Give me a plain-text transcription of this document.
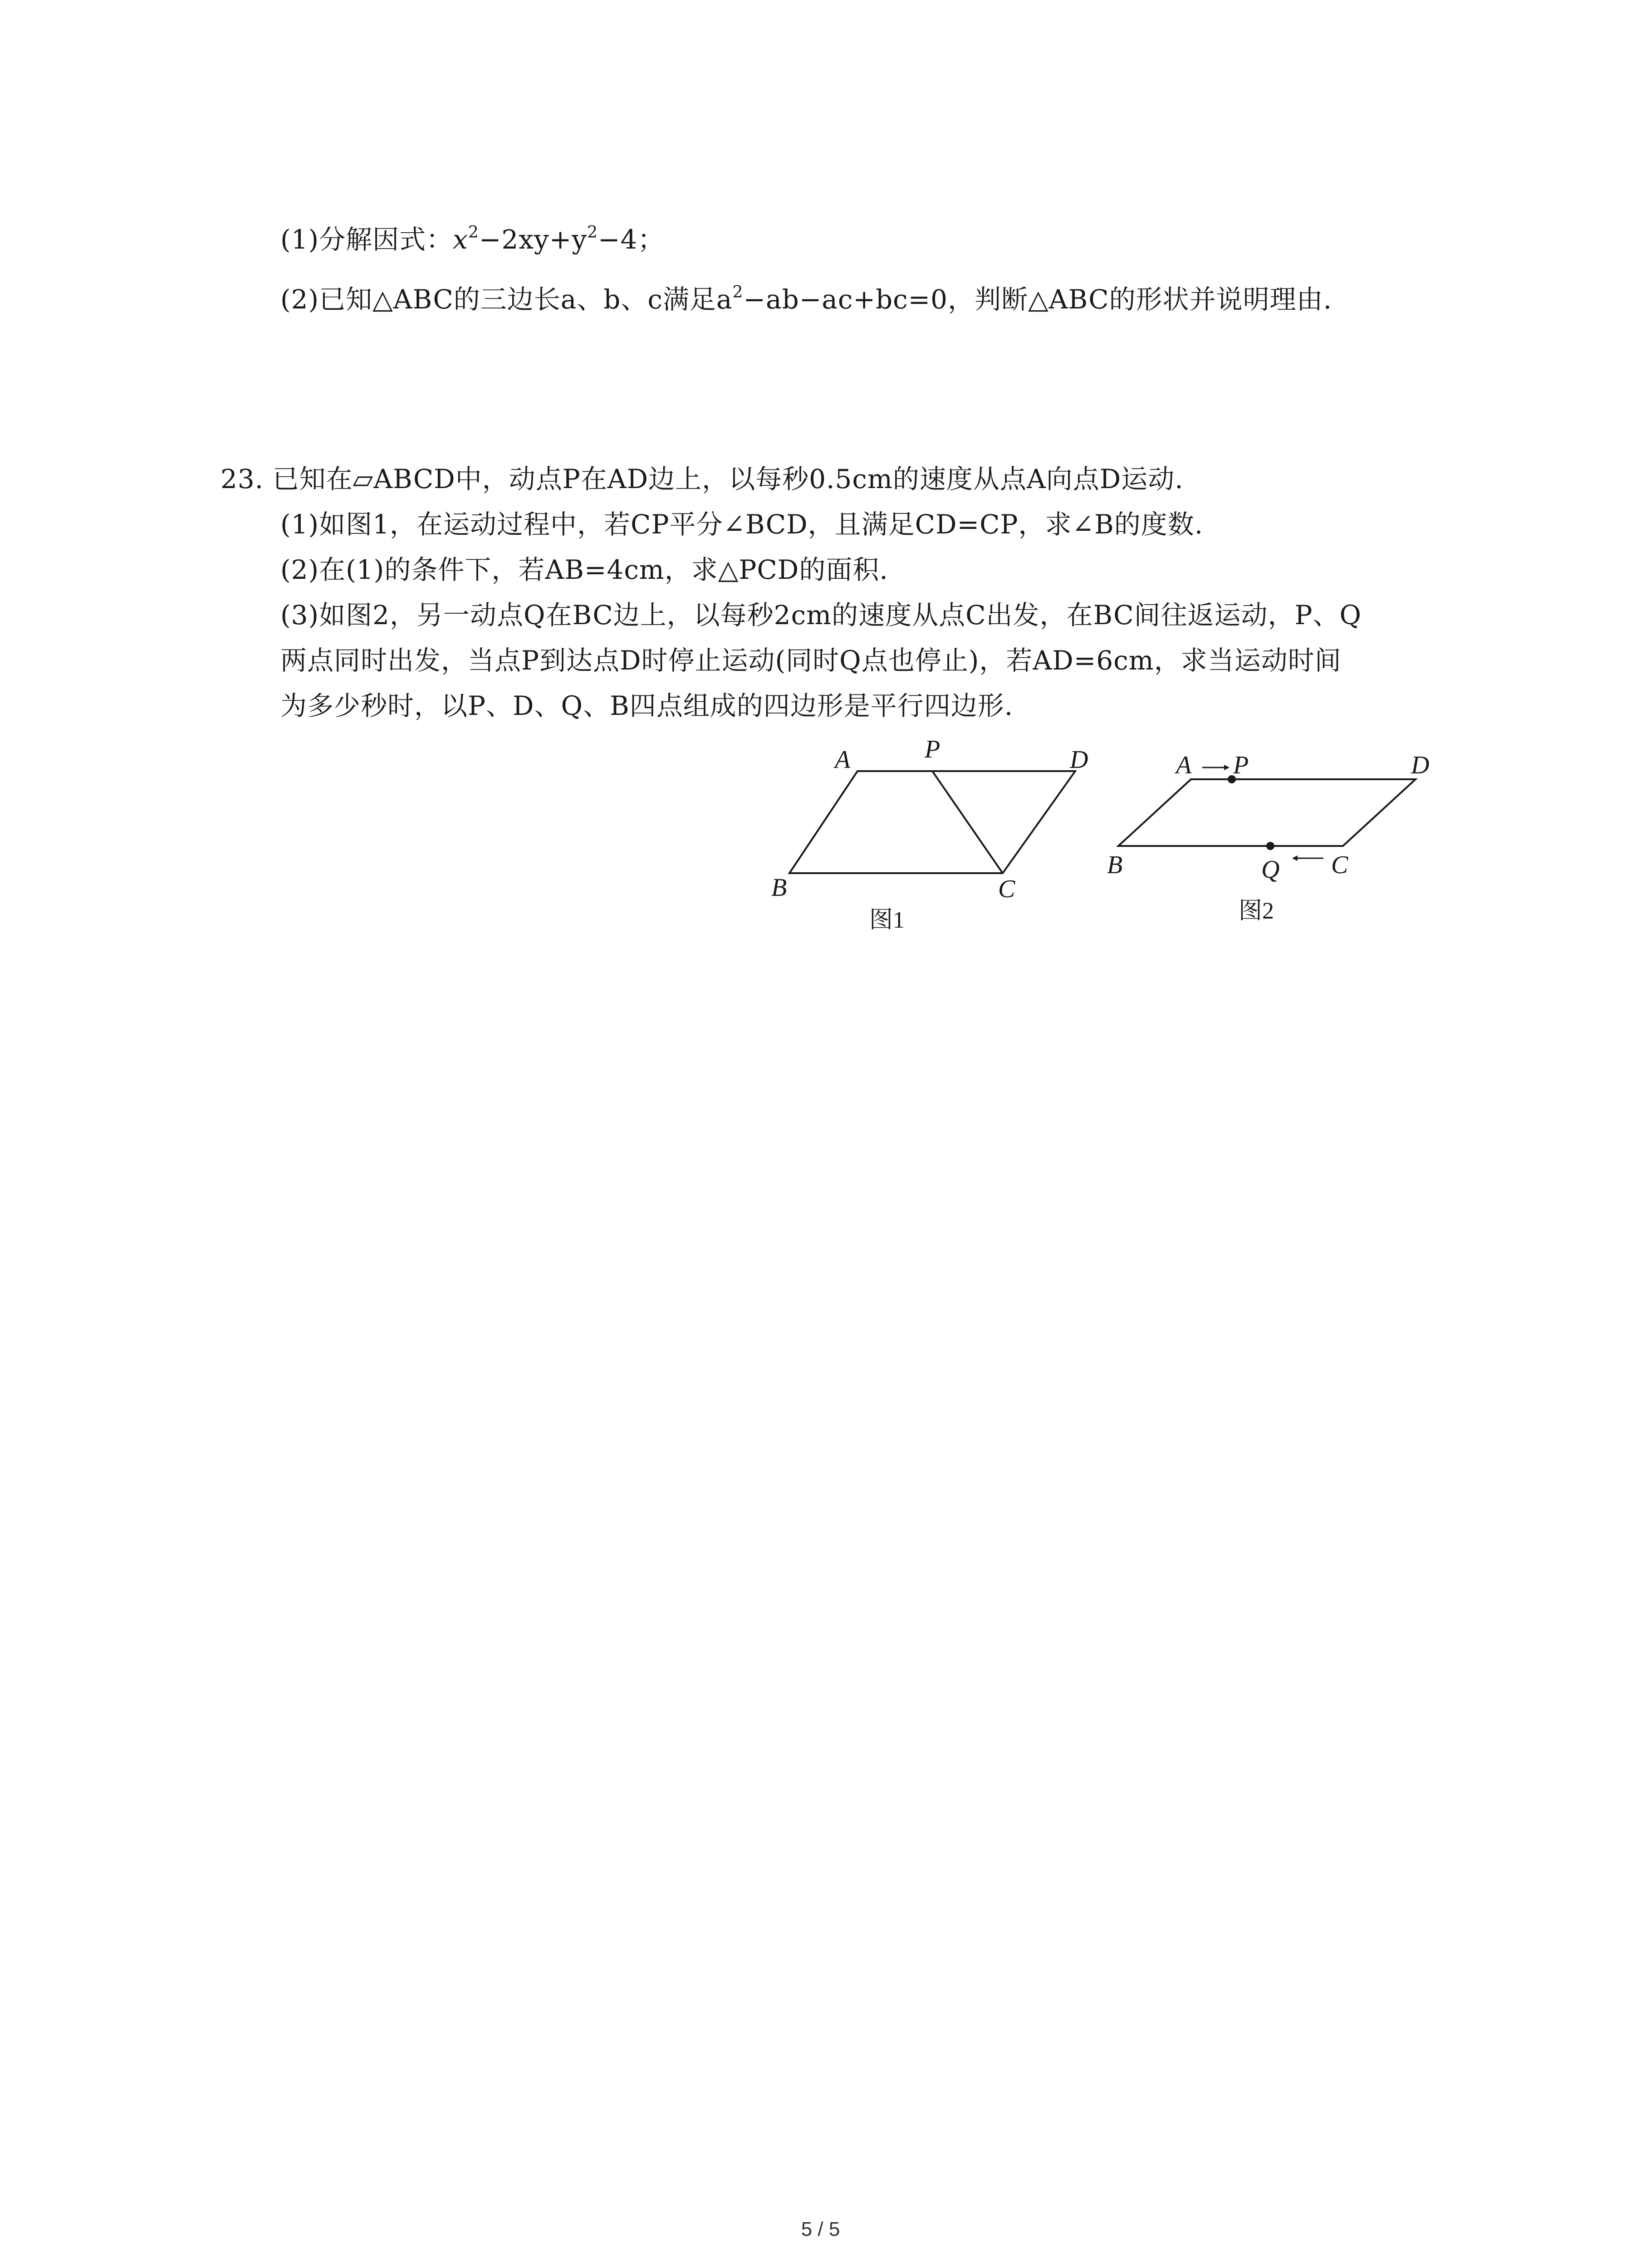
(1)分解因式：$x^2-2xy+y^2-4$；
(2)已知△ABC的三边长a、b、c满足$a^2-ab-ac+bc=0$，判断△ABC的形状并说明理由.
23. 已知在▱ABCD中，动点P在AD边上，以每秒0.5cm的速度从点A向点D运动.
(1)如图1，在运动过程中，若CP平分∠BCD，且满足CD=CP，求∠B的度数.
(2)在(1)的条件下，若AB=4cm，求△PCD的面积.
(3)如图2，另一动点Q在BC边上，以每秒2cm的速度从点C出发，在BC间往返运动，P、Q
两点同时出发，当点P到达点D时停止运动(同时Q点也停止)，若AD=6cm，求当运动时间
为多少秒时，以P、D、Q、B四点组成的四边形是平行四边形.
A	P	D
B	C
图1
A P	D
B	Q C
图2
5 / 5
